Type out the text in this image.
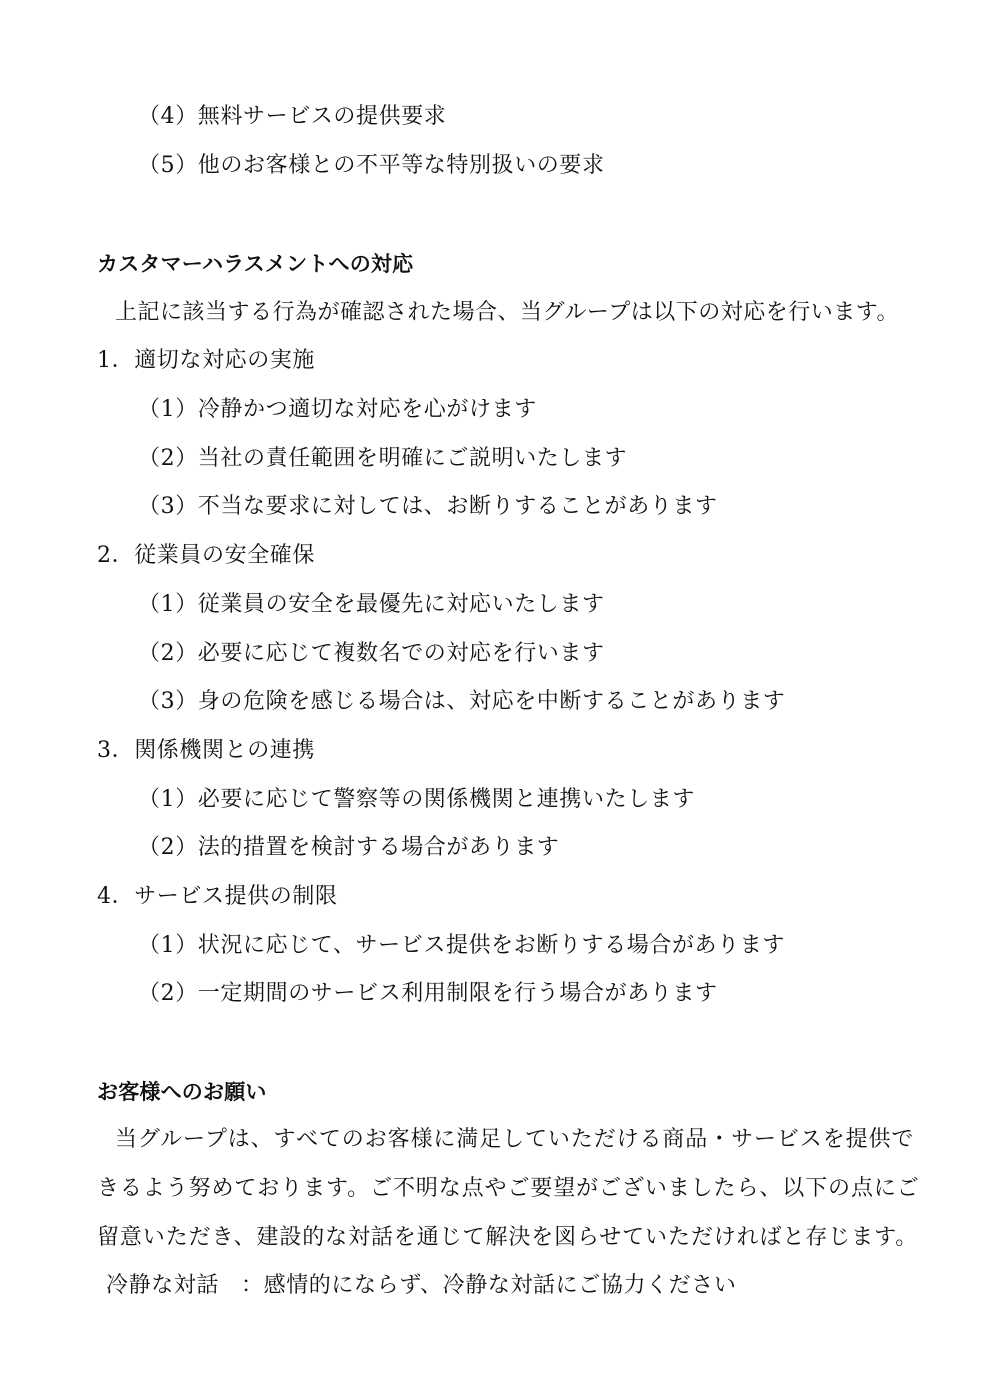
（4）無料サービスの提供要求
（5）他のお客様との不平等な特別扱いの要求
カスタマーハラスメントへの対応
上記に該当する行為が確認された場合、当グループは以下の対応を行います。
1．適切な対応の実施
（1）冷静かつ適切な対応を心がけます
（2）当社の責任範囲を明確にご説明いたします
（3）不当な要求に対しては、お断りすることがあります
2．従業員の安全確保
（1）従業員の安全を最優先に対応いたします
（2）必要に応じて複数名での対応を行います
（3）身の危険を感じる場合は、対応を中断することがあります
3．関係機関との連携
（1）必要に応じて警察等の関係機関と連携いたします
（2）法的措置を検討する場合があります
4．サービス提供の制限
（1）状況に応じて、サービス提供をお断りする場合があります
（2）一定期間のサービス利用制限を行う場合があります
お客様へのお願い
当グループは、すべてのお客様に満足していただける商品・サービスを提供で
きるよう努めております。ご不明な点やご要望がございましたら、以下の点にご
留意いただき、建設的な対話を通じて解決を図らせていただければと存じます。
冷静な対話 ：感情的にならず、冷静な対話にご協力ください
